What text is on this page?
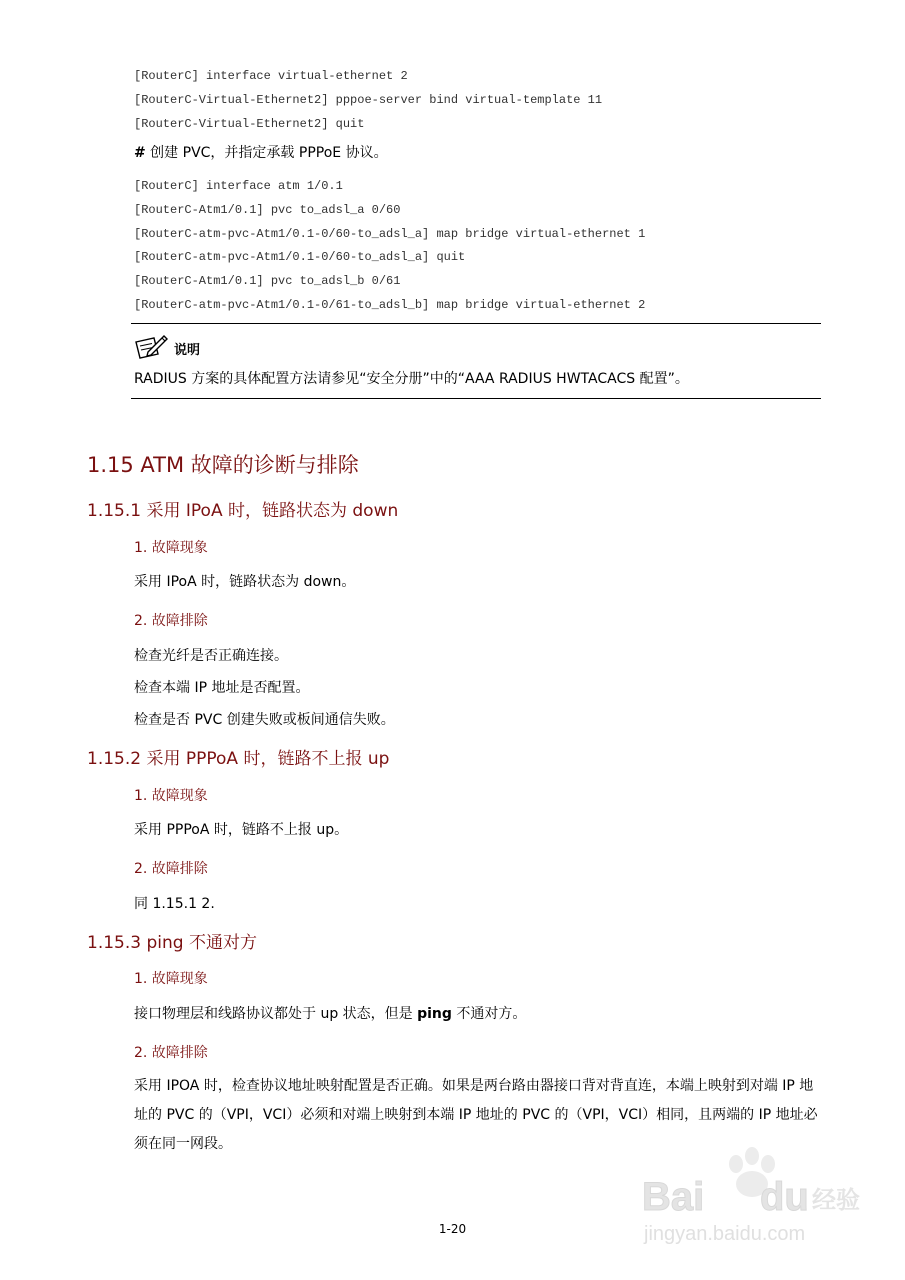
[RouterC] interface virtual-ethernet 2
[RouterC-Virtual-Ethernet2] pppoe-server bind virtual-template 11
[RouterC-Virtual-Ethernet2] quit
# 创建 PVC，并指定承载 PPPoE 协议。
[RouterC] interface atm 1/0.1
[RouterC-Atm1/0.1] pvc to_adsl_a 0/60
[RouterC-atm-pvc-Atm1/0.1-0/60-to_adsl_a] map bridge virtual-ethernet 1
[RouterC-atm-pvc-Atm1/0.1-0/60-to_adsl_a] quit
[RouterC-Atm1/0.1] pvc to_adsl_b 0/61
[RouterC-atm-pvc-Atm1/0.1-0/61-to_adsl_b] map bridge virtual-ethernet 2
说明
RADIUS 方案的具体配置方法请参见“安全分册”中的“AAA RADIUS HWTACACS 配置”。
1.15 ATM 故障的诊断与排除
1.15.1 采用 IPoA 时，链路状态为 down
1. 故障现象
采用 IPoA 时，链路状态为 down。
2. 故障排除
检查光纤是否正确连接。
检查本端 IP 地址是否配置。
检查是否 PVC 创建失败或板间通信失败。
1.15.2 采用 PPPoA 时，链路不上报 up
1. 故障现象
采用 PPPoA 时，链路不上报 up。
2. 故障排除
同 1.15.1 2.
1.15.3 ping 不通对方
1. 故障现象
接口物理层和线路协议都处于 up 状态，但是 ping 不通对方。
2. 故障排除
采用 IPOA 时，检查协议地址映射配置是否正确。如果是两台路由器接口背对背直连，本端上映射到对端 IP 地址的 PVC 的（VPI，VCI）必须和对端上映射到本端 IP 地址的 PVC 的（VPI，VCI）相同，且两端的 IP 地址必须在同一网段。
1-20
Bai du 经验
jingyan.baidu.com
